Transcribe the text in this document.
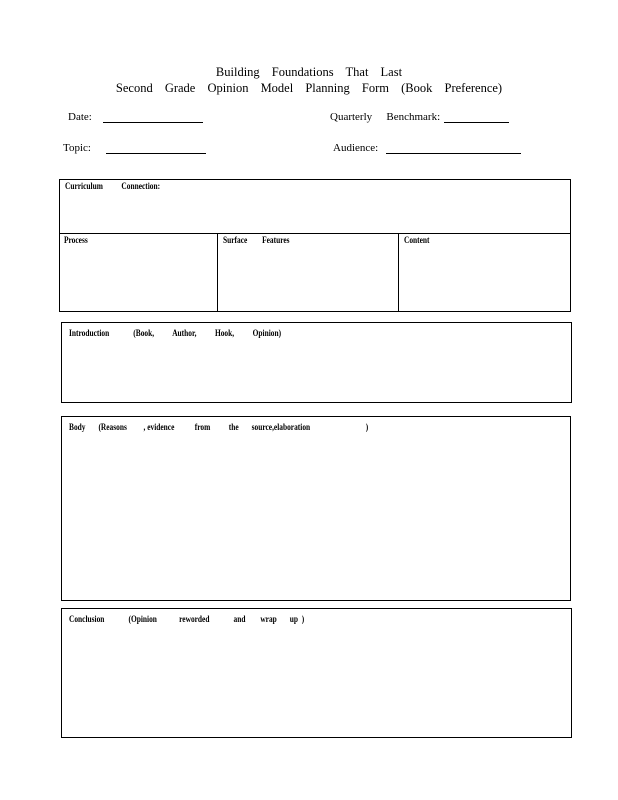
Building Foundations That Last
Second Grade Opinion Model Planning Form (Book Preference)
Date:	Quarterly   Benchmark:
Topic:	Audience:
Curriculum          Connection:
Process	Surface        Features	Content
Introduction             (Book,          Author,          Hook,          Opinion)
Body       (Reasons         , evidence           from          the       source,elaboration                              )
Conclusion             (Opinion            reworded             and        wrap       up  )
